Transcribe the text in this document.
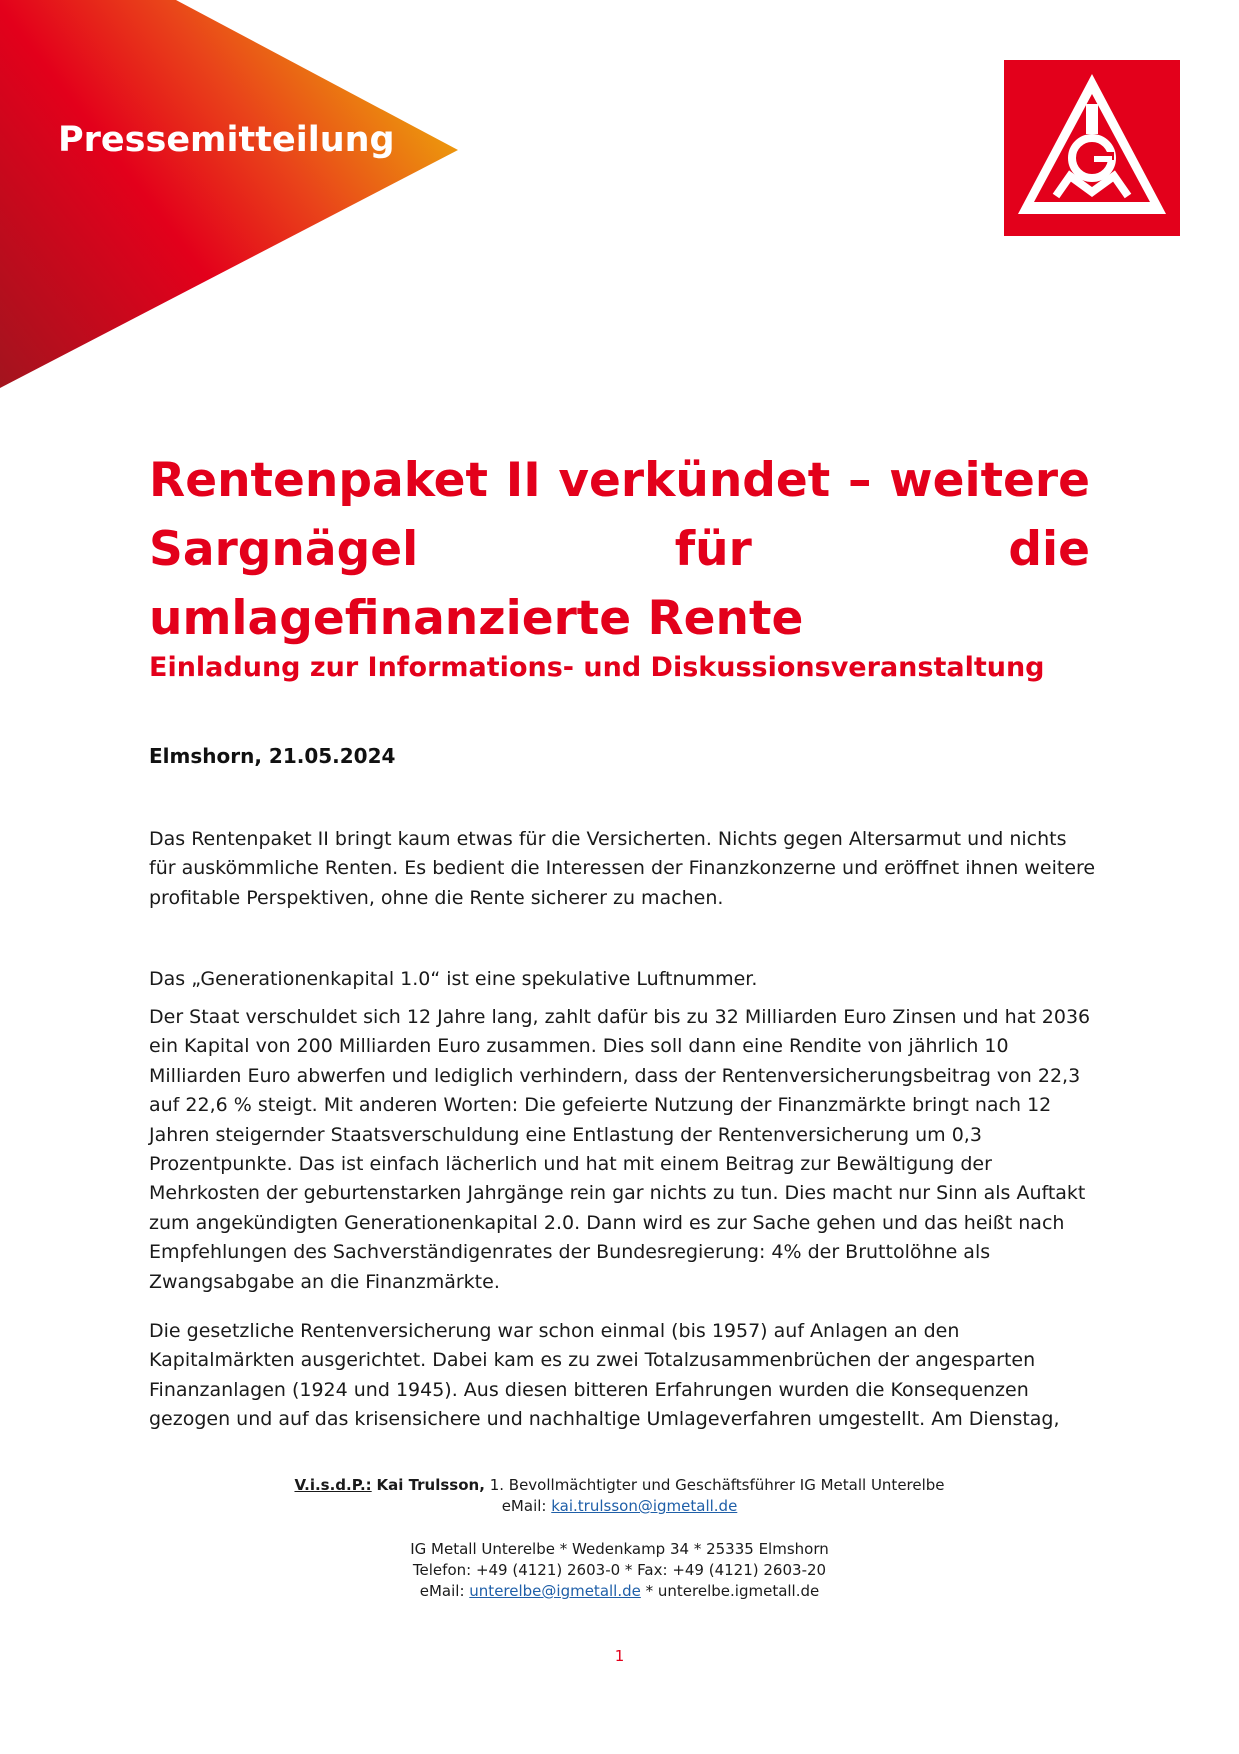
Pressemitteilung
Rentenpaket II verkündet – weitere Sargnägel für die umlagefinanzierte Rente
Einladung zur Informations- und Diskussionsveranstaltung

Elmshorn, 21.05.2024

Das Rentenpaket II bringt kaum etwas für die Versicherten. Nichts gegen Altersarmut und nichts für auskömmliche Renten. Es bedient die Interessen der Finanzkonzerne und eröffnet ihnen weitere profitable Perspektiven, ohne die Rente sicherer zu machen.

Das „Generationenkapital 1.0“ ist eine spekulative Luftnummer.

Der Staat verschuldet sich 12 Jahre lang, zahlt dafür bis zu 32 Milliarden Euro Zinsen und hat 2036 ein Kapital von 200 Milliarden Euro zusammen. Dies soll dann eine Rendite von jährlich 10 Milliarden Euro abwerfen und lediglich verhindern, dass der Rentenversicherungsbeitrag von 22,3 auf 22,6 % steigt. Mit anderen Worten: Die gefeierte Nutzung der Finanzmärkte bringt nach 12 Jahren steigernder Staatsverschuldung eine Entlastung der Rentenversicherung um 0,3 Prozentpunkte. Das ist einfach lächerlich und hat mit einem Beitrag zur Bewältigung der Mehrkosten der geburtenstarken Jahrgänge rein gar nichts zu tun. Dies macht nur Sinn als Auftakt zum angekündigten Generationenkapital 2.0. Dann wird es zur Sache gehen und das heißt nach Empfehlungen des Sachverständigenrates der Bundesregierung: 4% der Bruttolöhne als Zwangsabgabe an die Finanzmärkte.

Die gesetzliche Rentenversicherung war schon einmal (bis 1957) auf Anlagen an den Kapitalmärkten ausgerichtet. Dabei kam es zu zwei Totalzusammenbrüchen der angesparten Finanzanlagen (1924 und 1945). Aus diesen bitteren Erfahrungen wurden die Konsequenzen gezogen und auf das krisensichere und nachhaltige Umlageverfahren umgestellt. Am Dienstag,

V.i.s.d.P.: Kai Trulsson, 1. Bevollmächtigter und Geschäftsführer IG Metall Unterelbe
eMail: kai.trulsson@igmetall.de
IG Metall Unterelbe * Wedenkamp 34 * 25335 Elmshorn
Telefon: +49 (4121) 2603-0 * Fax: +49 (4121) 2603-20
eMail: unterelbe@igmetall.de * unterelbe.igmetall.de
1
